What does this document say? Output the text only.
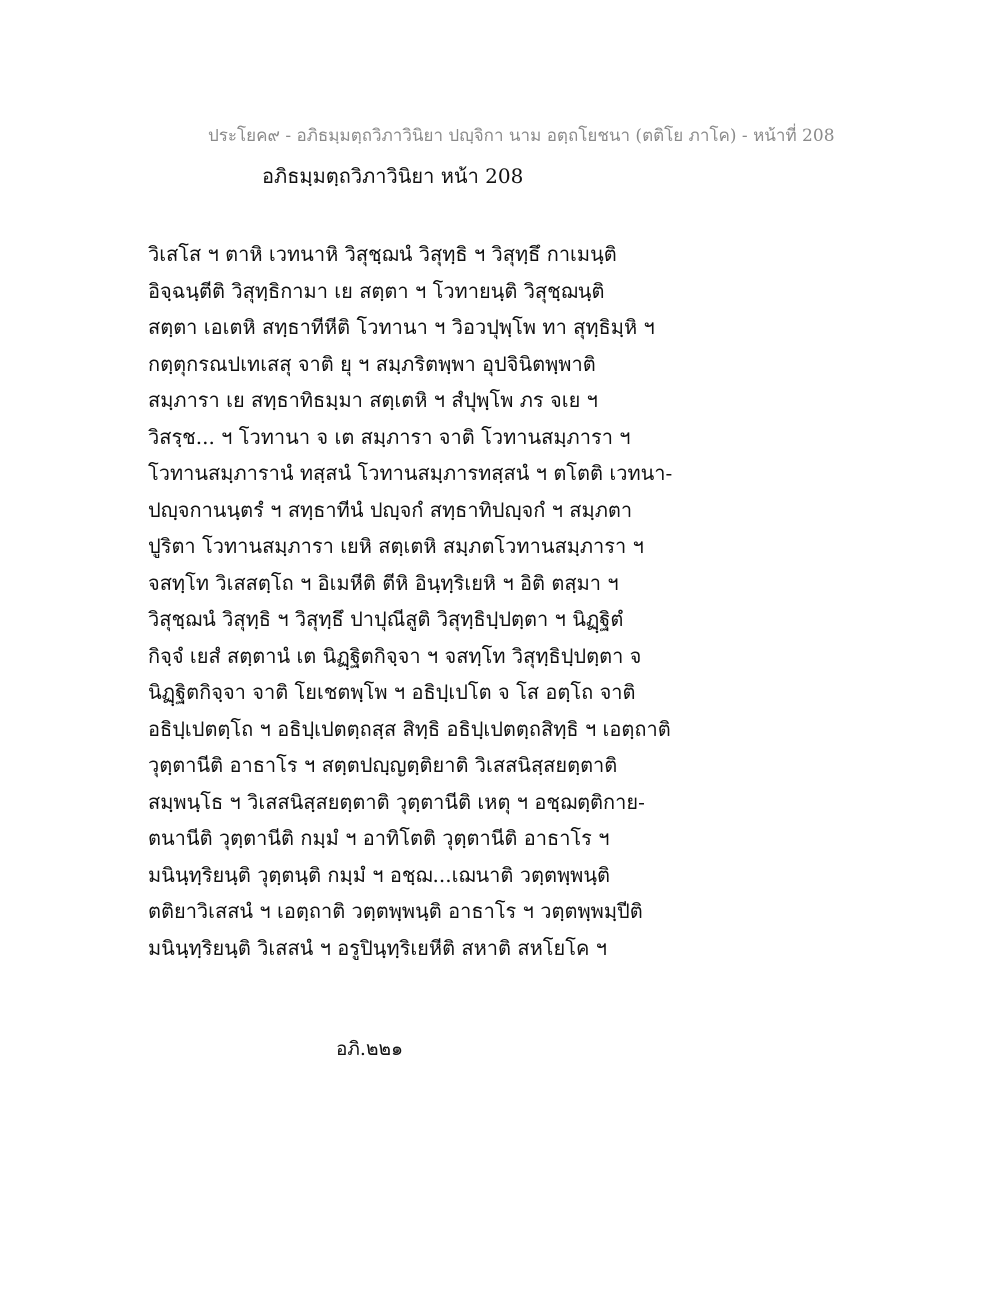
ประโยค๙ - อภิธมฺมตฺถวิภาวินิยา ปญฺจิกา นาม อตฺถโยชนา (ตติโย ภาโค) - หน้าที่ 208
อภิธมฺมตฺถวิภาวินิยา หน้า 208
วิเสโส ฯ ตาหิ เวทนาหิ วิสุชฺฌนํ วิสุทฺธิ ฯ วิสุทฺธึ กาเมนฺติ
อิจฺฉนฺตีติ วิสุทฺธิกามา เย สตฺตา ฯ โวทายนฺติ วิสุชฺฌนฺติ
สตฺตา เอเตหิ สทฺธาทีหีติ โวทานา ฯ วิอวปุพฺโพ ทา สุทฺธิมฺหิ ฯ
กตฺตุกรณปเทเสสุ จาติ ยุ ฯ สมฺภริตพฺพา อุปจินิตพฺพาติ
สมฺภารา เย สทฺธาทิธมฺมา สตฺเตหิ ฯ สํปุพฺโพ ภร จเย ฯ
วิสรฺช... ฯ โวทานา จ เต สมฺภารา จาติ โวทานสมฺภารา ฯ
โวทานสมฺภารานํ ทสฺสนํ โวทานสมฺภารทสฺสนํ ฯ ตโตติ เวทนา-
ปญฺจกานนฺตรํ ฯ สทฺธาทีนํ ปญฺจกํ สทฺธาทิปญฺจกํ ฯ สมฺภตา
ปูริตา โวทานสมฺภารา เยหิ สตฺเตหิ สมฺภตโวทานสมฺภารา ฯ
จสทฺโท วิเสสตฺโถ ฯ อิเมหีติ ตีหิ อินฺทฺริเยหิ ฯ อิติ ตสฺมา ฯ
วิสุชฺฌนํ วิสุทฺธิ ฯ วิสุทฺธึ ปาปุณีสูติ วิสุทฺธิปฺปตฺตา ฯ นิฏฺฐิตํ
กิจฺจํ เยสํ สตฺตานํ เต นิฏฺฐิตกิจฺจา ฯ จสทฺโท วิสุทฺธิปฺปตฺตา จ
นิฏฺฐิตกิจฺจา จาติ โยเชตพฺโพ ฯ อธิปฺเปโต จ โส อตฺโถ จาติ
อธิปฺเปตตฺโถ ฯ อธิปฺเปตตฺถสฺส สิทฺธิ อธิปฺเปตตฺถสิทฺธิ ฯ เอตฺถาติ
วุตฺตานีติ อาธาโร ฯ สตฺตปญฺญตฺติยาติ วิเสสนิสฺสยตฺตาติ
สมฺพนฺโธ ฯ วิเสสนิสฺสยตฺตาติ วุตฺตานีติ เหตุ ฯ อชฺฌตฺติกาย-
ตนานีติ วุตฺตานีติ กมฺมํ ฯ อาทิโตติ วุตฺตานีติ อาธาโร ฯ
มนินฺทฺริยนฺติ วุตฺตนฺติ กมฺมํ ฯ อชฺฌ...เฌนาติ วตฺตพฺพนฺติ
ตติยาวิเสสนํ ฯ เอตฺถาติ วตฺตพฺพนฺติ อาธาโร ฯ วตฺตพฺพมฺปีติ
มนินฺทฺริยนฺติ วิเสสนํ ฯ อรูปินฺทฺริเยหีติ สหาติ สหโยโค ฯ
อภิ.๒๒๑
